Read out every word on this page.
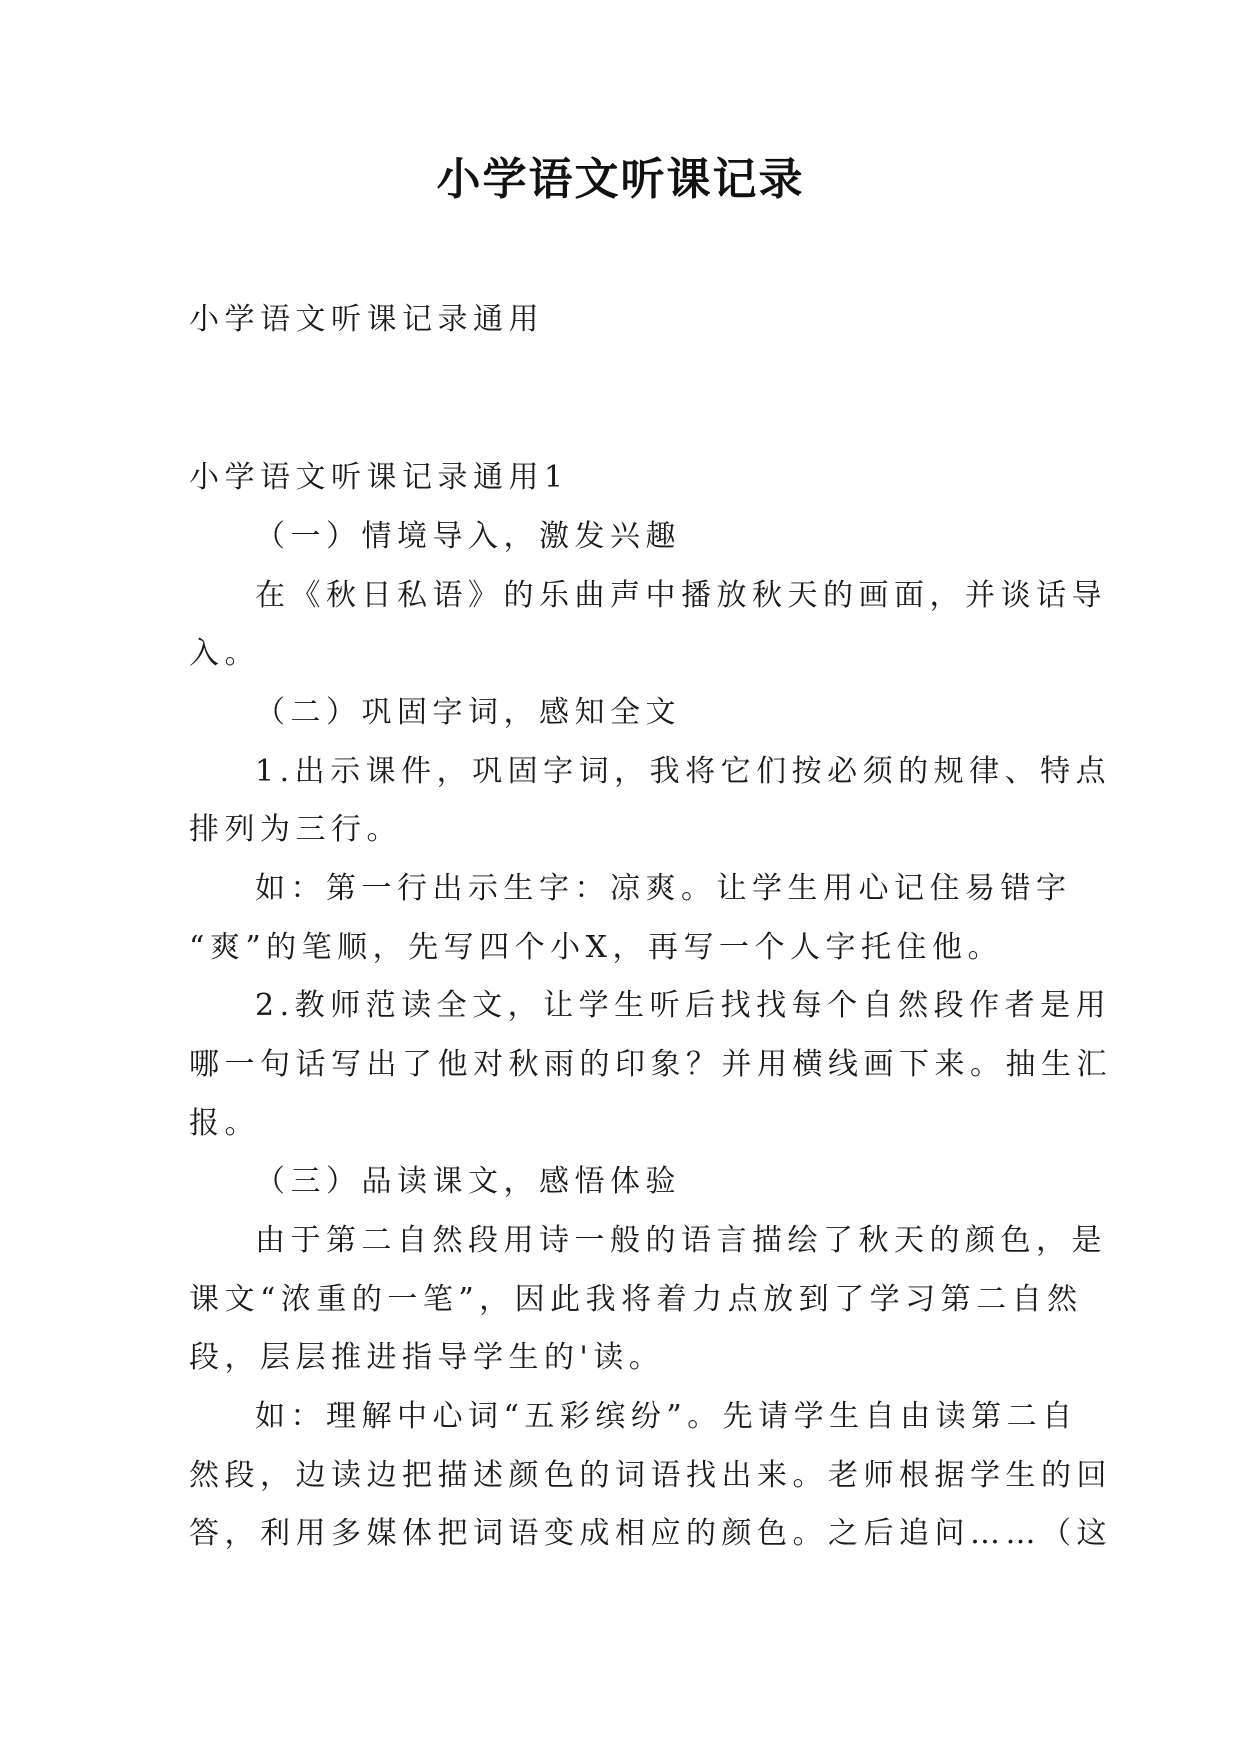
小学语文听课记录
小学语文听课记录通用
小学语文听课记录通用1
（一）情境导入，激发兴趣
在《秋日私语》的乐曲声中播放秋天的画面，并谈话导
入。
（二）巩固字词，感知全文
1.出示课件，巩固字词，我将它们按必须的规律、特点
排列为三行。
如：第一行出示生字：凉爽。让学生用心记住易错字
“爽”的笔顺，先写四个小X，再写一个人字托住他。
2.教师范读全文，让学生听后找找每个自然段作者是用
哪一句话写出了他对秋雨的印象？并用横线画下来。抽生汇
报。
（三）品读课文，感悟体验
由于第二自然段用诗一般的语言描绘了秋天的颜色，是
课文“浓重的一笔”，因此我将着力点放到了学习第二自然
段，层层推进指导学生的'读。
如：理解中心词“五彩缤纷”。先请学生自由读第二自
然段，边读边把描述颜色的词语找出来。老师根据学生的回
答，利用多媒体把词语变成相应的颜色。之后追问……（这
